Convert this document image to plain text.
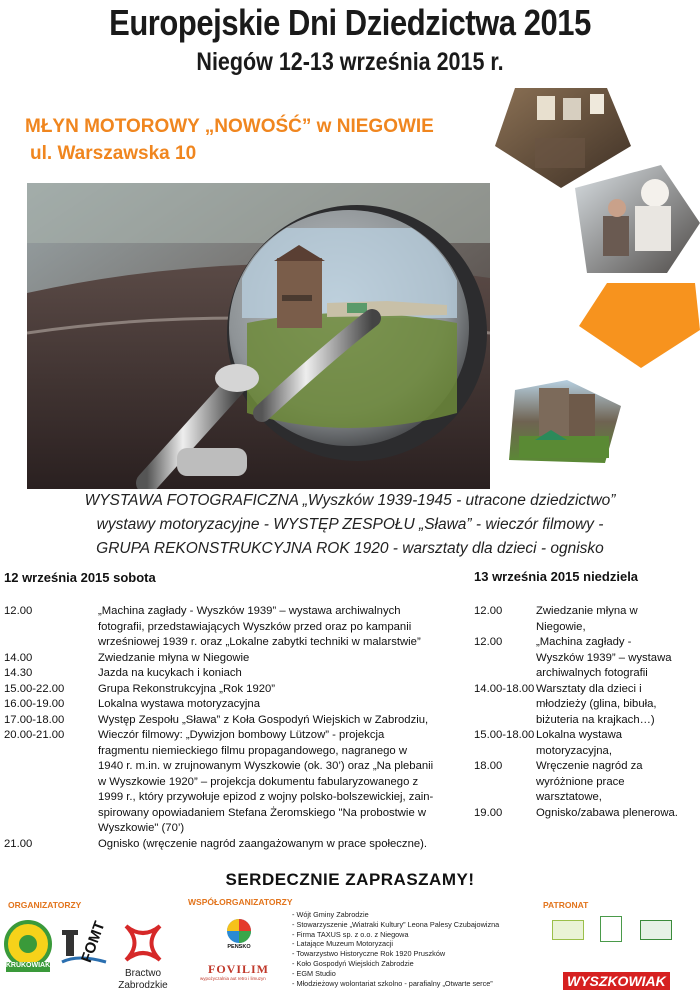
Europejskie Dni Dziedzictwa 2015
Niegów 12-13 września 2015 r.
MŁYN MOTOROWY „NOWOŚĆ” w NIEGOWIE
ul. Warszawska 10
WYSTAWA FOTOGRAFICZNA „Wyszków 1939-1945 - utracone dziedzictwo”
wystawy motoryzacyjne - WYSTĘP ZESPOŁU „Sława” - wieczór filmowy -
GRUPA REKONSTRUKCYJNA ROK 1920 - warsztaty dla dzieci - ognisko
12 września 2015 sobota
12.00	„Machina zagłady - Wyszków 1939” – wystawa archiwalnych
fotografii, przedstawiających Wyszków przed oraz po kampanii
wrześniowej 1939 r. oraz „Lokalne zabytki techniki w malarstwie”
14.00	Zwiedzanie młyna w Niegowie
14.30	Jazda na kucykach i koniach
15.00-22.00	Grupa Rekonstrukcyjna „Rok 1920”
16.00-19.00	Lokalna wystawa motoryzacyjna
17.00-18.00	Występ Zespołu „Sława” z Koła Gospodyń Wiejskich w Zabrodziu,
20.00-21.00	Wieczór filmowy: „Dywizjon bombowy Lützow” - projekcja
fragmentu niemieckiego filmu propagandowego, nagranego w
1940 r. m.in. w zrujnowanym Wyszkowie (ok. 30’) oraz „Na plebanii
w Wyszkowie 1920” – projekcja dokumentu fabularyzowanego z
1999 r., który przywołuje epizod z wojny polsko-bolszewickiej, zain-
spirowany opowiadaniem Stefana Żeromskiego "Na probostwie w
Wyszkowie" (70’)
21.00	Ognisko (wręczenie nagród zaangażowanym w prace społeczne).
13 września 2015 niedziela
12.00	Zwiedzanie młyna w
Niegowie,
12.00	„Machina zagłady -
Wyszków 1939” – wystawa
archiwalnych fotografii
14.00-18.00 Warsztaty dla dzieci i
młodzieży (glina, bibuła,
biżuteria na krajkach…)
15.00-18.00 Lokalna wystawa
motoryzacyjna,
18.00	Wręczenie nagród za
wyróżnione prace
warsztatowe,
19.00	Ognisko/zabawa plenerowa.
SERDECZNIE ZAPRASZAMY!
ORGANIZATORZY	WSPÓŁORGANIZATORZY	PATRONAT
KRUKOWIAK
FOMT
Bractwo
Zabrodzkie
PENSKO
FOVILIM
wypożyczalnia aut retro i limuzyn
- Wójt Gminy Zabrodzie
- Stowarzyszenie „Wiatraki Kultury” Leona Palesy Czubajowizna
- Firma TAXUS sp. z o.o. z Niegowa
- Latające Muzeum Motoryzacji
- Towarzystwo Historyczne Rok 1920 Pruszków
- Koło Gospodyń Wiejskich Zabrodzie
- EGM Studio
- Młodzieżowy wolontariat szkolno - parafialny „Otwarte serce”	WYSZKOWIAK
